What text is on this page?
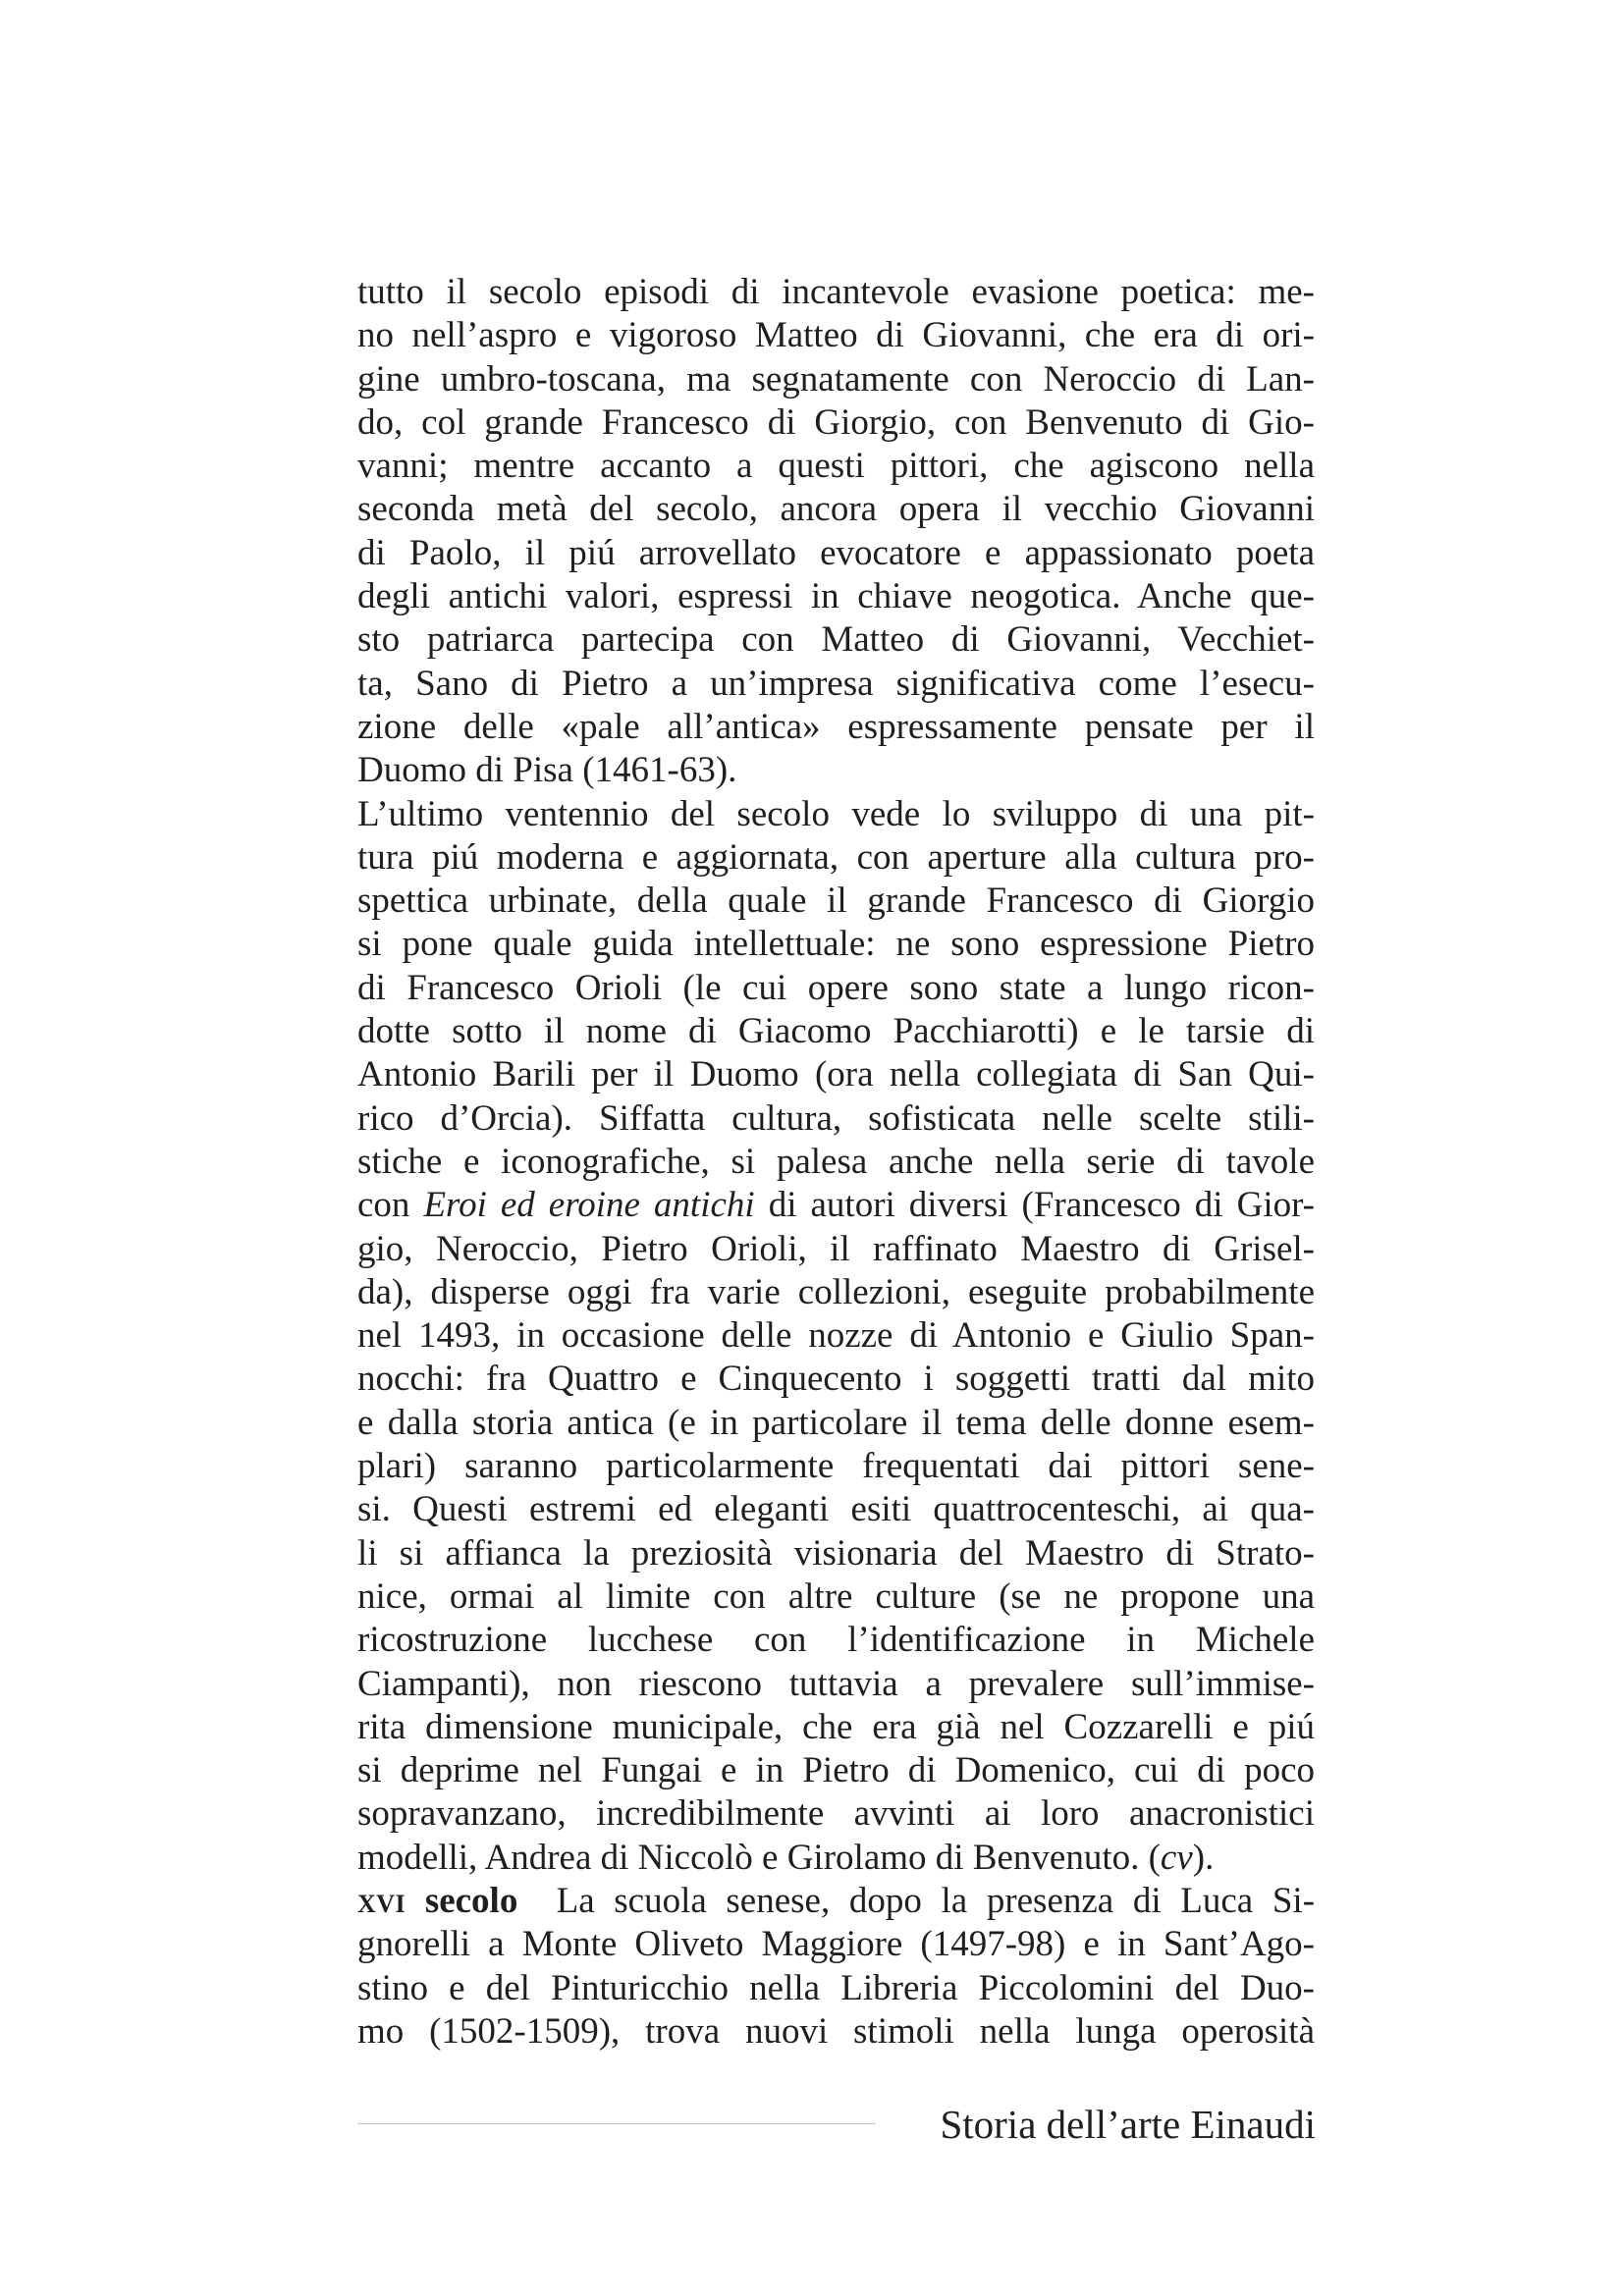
tutto il secolo episodi di incantevole evasione poetica: me-
no nell’aspro e vigoroso Matteo di Giovanni, che era di ori-
gine umbro-toscana, ma segnatamente con Neroccio di Lan-
do, col grande Francesco di Giorgio, con Benvenuto di Gio-
vanni; mentre accanto a questi pittori, che agiscono nella
seconda metà del secolo, ancora opera il vecchio Giovanni
di Paolo, il piú arrovellato evocatore e appassionato poeta
degli antichi valori, espressi in chiave neogotica. Anche que-
sto patriarca partecipa con Matteo di Giovanni, Vecchiet-
ta, Sano di Pietro a un’impresa significativa come l’esecu-
zione delle «pale all’antica» espressamente pensate per il
Duomo di Pisa (1461-63).
L’ultimo ventennio del secolo vede lo sviluppo di una pit-
tura piú moderna e aggiornata, con aperture alla cultura pro-
spettica urbinate, della quale il grande Francesco di Giorgio
si pone quale guida intellettuale: ne sono espressione Pietro
di Francesco Orioli (le cui opere sono state a lungo ricon-
dotte sotto il nome di Giacomo Pacchiarotti) e le tarsie di
Antonio Barili per il Duomo (ora nella collegiata di San Qui-
rico d’Orcia). Siffatta cultura, sofisticata nelle scelte stili-
stiche e iconografiche, si palesa anche nella serie di tavole
con Eroi ed eroine antichi di autori diversi (Francesco di Gior-
gio, Neroccio, Pietro Orioli, il raffinato Maestro di Grisel-
da), disperse oggi fra varie collezioni, eseguite probabilmente
nel 1493, in occasione delle nozze di Antonio e Giulio Span-
nocchi: fra Quattro e Cinquecento i soggetti tratti dal mito
e dalla storia antica (e in particolare il tema delle donne esem-
plari) saranno particolarmente frequentati dai pittori sene-
si. Questi estremi ed eleganti esiti quattrocenteschi, ai qua-
li si affianca la preziosità visionaria del Maestro di Strato-
nice, ormai al limite con altre culture (se ne propone una
ricostruzione lucchese con l’identificazione in Michele
Ciampanti), non riescono tuttavia a prevalere sull’immise-
rita dimensione municipale, che era già nel Cozzarelli e piú
si deprime nel Fungai e in Pietro di Domenico, cui di poco
sopravanzano, incredibilmente avvinti ai loro anacronistici
modelli, Andrea di Niccolò e Girolamo di Benvenuto. (cv).
xvi secolo La scuola senese, dopo la presenza di Luca Si-
gnorelli a Monte Oliveto Maggiore (1497-98) e in Sant’Ago-
stino e del Pinturicchio nella Libreria Piccolomini del Duo-
mo (1502-1509), trova nuovi stimoli nella lunga operosità
Storia dell’arte Einaudi
